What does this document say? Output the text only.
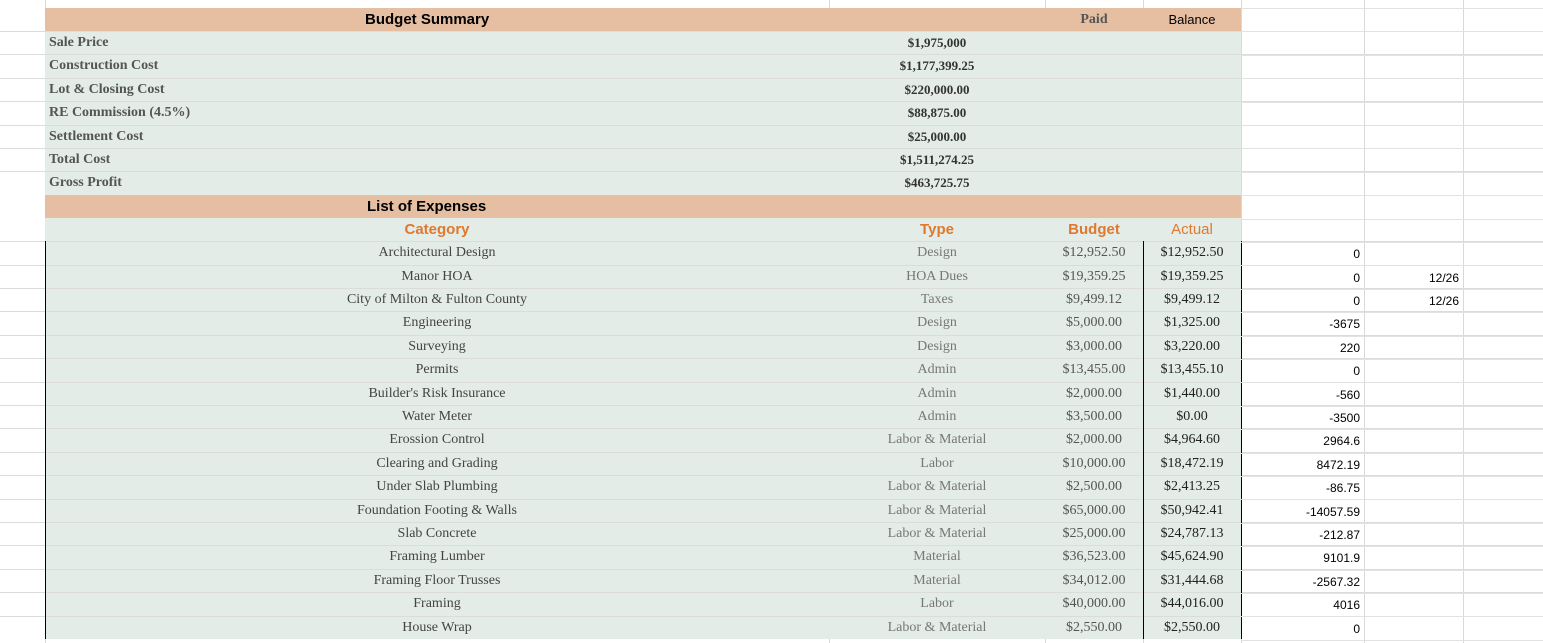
Budget Summary	Paid	Balance
Sale Price	$1,975,000
Construction Cost	$1,177,399.25
Lot & Closing Cost	$220,000.00
RE Commission (4.5%)	$88,875.00
Settlement Cost	$25,000.00
Total Cost	$1,511,274.25
Gross Profit	$463,725.75
List of Expenses
Category	Type	Budget	Actual
Architectural Design	Design	$12,952.50	$12,952.50	0
Manor HOA	HOA Dues	$19,359.25	$19,359.25	0	12/26
City of Milton & Fulton County	Taxes	$9,499.12	$9,499.12	0	12/26
Engineering	Design	$5,000.00	$1,325.00	-3675
Surveying	Design	$3,000.00	$3,220.00	220
Permits	Admin	$13,455.00	$13,455.10	0
Builder's Risk Insurance	Admin	$2,000.00	$1,440.00	-560
Water Meter	Admin	$3,500.00	$0.00	-3500
Erossion Control	Labor & Material	$2,000.00	$4,964.60	2964.6
Clearing and Grading	Labor	$10,000.00	$18,472.19	8472.19
Under Slab Plumbing	Labor & Material	$2,500.00	$2,413.25	-86.75
Foundation Footing & Walls	Labor & Material	$65,000.00	$50,942.41	-14057.59
Slab Concrete	Labor & Material	$25,000.00	$24,787.13	-212.87
Framing Lumber	Material	$36,523.00	$45,624.90	9101.9
Framing Floor Trusses	Material	$34,012.00	$31,444.68	-2567.32
Framing	Labor	$40,000.00	$44,016.00	4016
House Wrap	Labor & Material	$2,550.00	$2,550.00	0
